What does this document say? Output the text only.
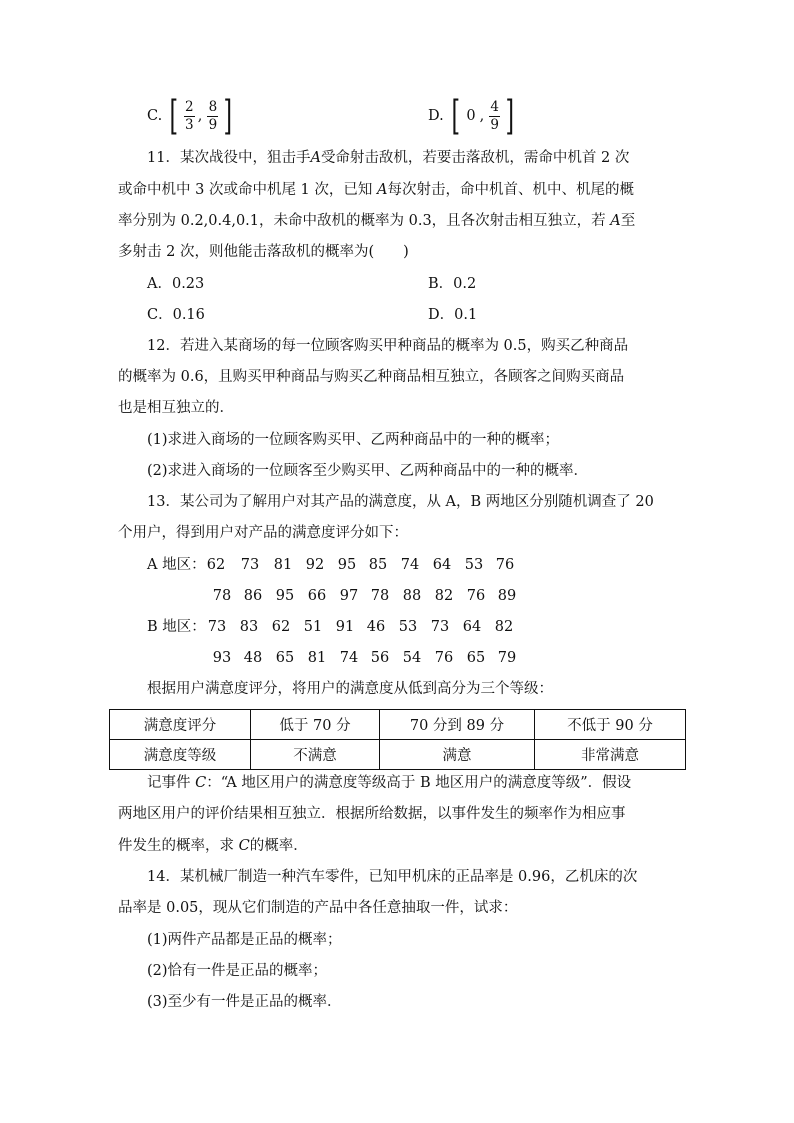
C. [ $\frac{2}{3}$ , $\frac{8}{9}$ ]	D. [ 0 , $\frac{4}{9}$ ]
11．某次战役中，狙击手A受命射击敌机，若要击落敌机，需命中机首 2 次
或命中机中 3 次或命中机尾 1 次，已知 A每次射击，命中机首、机中、机尾的概
率分别为 0.2,0.4,0.1，未命中敌机的概率为 0.3，且各次射击相互独立，若 A至
多射击 2 次，则他能击落敌机的概率为(　　)
A．0.23	B．0.2
C．0.16	D．0.1
12．若进入某商场的每一位顾客购买甲种商品的概率为 0.5，购买乙种商品
的概率为 0.6，且购买甲种商品与购买乙种商品相互独立，各顾客之间购买商品
也是相互独立的．
(1)求进入商场的一位顾客购买甲、乙两种商品中的一种的概率；
(2)求进入商场的一位顾客至少购买甲、乙两种商品中的一种的概率．
13．某公司为了解用户对其产品的满意度，从 A，B 两地区分别随机调查了 20
个用户，得到用户对产品的满意度评分如下：
A 地区： 62	73	81 92 95 85 74 64 53 76
78 86 95 66 97 78 88 82 76 89
B 地区： 73 83 62 51 91 46 53 73 64 82
93 48 65 81 74 56 54 76 65 79
根据用户满意度评分，将用户的满意度从低到高分为三个等级：
满意度评分	低于 70 分	70 分到 89 分	不低于 90 分
满意度等级	不满意	满意	非常满意
记事件 C：“A 地区用户的满意度等级高于 B 地区用户的满意度等级”．假设
两地区用户的评价结果相互独立．根据所给数据，以事件发生的频率作为相应事
件发生的概率，求 C的概率．
14．某机械厂制造一种汽车零件，已知甲机床的正品率是 0.96，乙机床的次
品率是 0.05，现从它们制造的产品中各任意抽取一件，试求：
(1)两件产品都是正品的概率；
(2)恰有一件是正品的概率；
(3)至少有一件是正品的概率．
